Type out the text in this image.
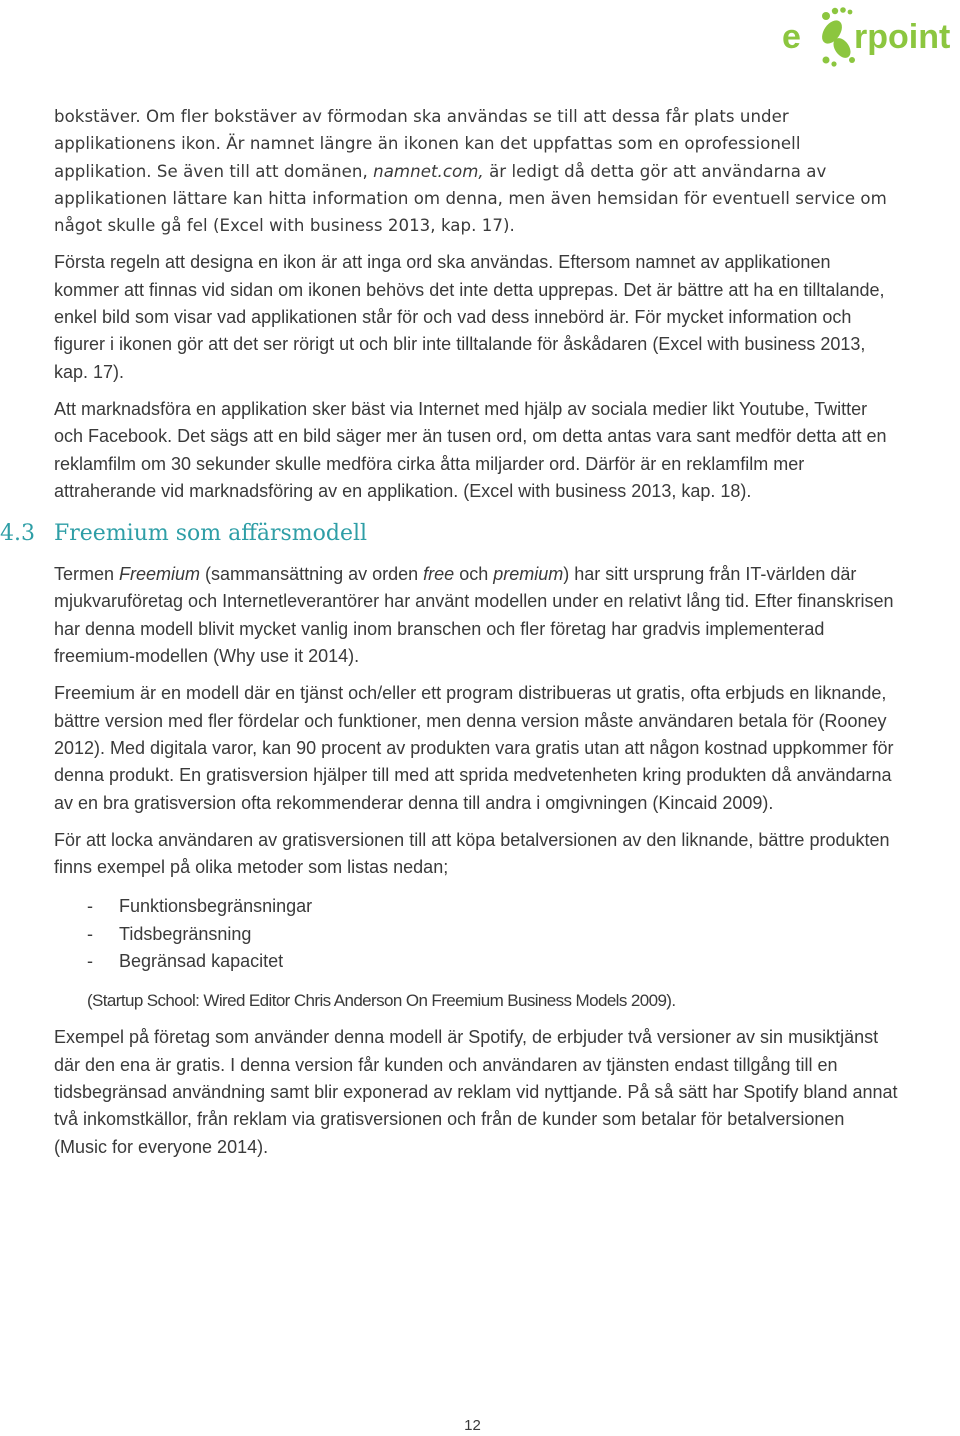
e rpoint

bokstäver. Om fler bokstäver av förmodan ska användas se till att dessa får plats under applikationens ikon. Är namnet längre än ikonen kan det uppfattas som en oprofessionell applikation. Se även till att domänen, namnet.com, är ledigt då detta gör att användarna av applikationen lättare kan hitta information om denna, men även hemsidan för eventuell service om något skulle gå fel (Excel with business 2013, kap. 17).

Första regeln att designa en ikon är att inga ord ska användas. Eftersom namnet av applikationen kommer att finnas vid sidan om ikonen behövs det inte detta upprepas. Det är bättre att ha en tilltalande, enkel bild som visar vad applikationen står för och vad dess innebörd är. För mycket information och figurer i ikonen gör att det ser rörigt ut och blir inte tilltalande för åskådaren (Excel with business 2013, kap. 17).

Att marknadsföra en applikation sker bäst via Internet med hjälp av sociala medier likt Youtube, Twitter och Facebook. Det sägs att en bild säger mer än tusen ord, om detta antas vara sant medför detta att en reklamfilm om 30 sekunder skulle medföra cirka åtta miljarder ord. Därför är en reklamfilm mer attraherande vid marknadsföring av en applikation. (Excel with business 2013, kap. 18).

4.3 Freemium som affärsmodell

Termen Freemium (sammansättning av orden free och premium) har sitt ursprung från IT-världen där mjukvaruföretag och Internetleverantörer har använt modellen under en relativt lång tid. Efter finanskrisen har denna modell blivit mycket vanlig inom branschen och fler företag har gradvis implementerad freemium-modellen (Why use it 2014).

Freemium är en modell där en tjänst och/eller ett program distribueras ut gratis, ofta erbjuds en liknande, bättre version med fler fördelar och funktioner, men denna version måste användaren betala för (Rooney 2012). Med digitala varor, kan 90 procent av produkten vara gratis utan att någon kostnad uppkommer för denna produkt. En gratisversion hjälper till med att sprida medvetenheten kring produkten då användarna av en bra gratisversion ofta rekommenderar denna till andra i omgivningen (Kincaid 2009).

För att locka användaren av gratisversionen till att köpa betalversionen av den liknande, bättre produkten finns exempel på olika metoder som listas nedan;

- Funktionsbegränsningar
- Tidsbegränsning
- Begränsad kapacitet

(Startup School: Wired Editor Chris Anderson On Freemium Business Models 2009).

Exempel på företag som använder denna modell är Spotify, de erbjuder två versioner av sin musiktjänst där den ena är gratis. I denna version får kunden och användaren av tjänsten endast tillgång till en tidsbegränsad användning samt blir exponerad av reklam vid nyttjande. På så sätt har Spotify bland annat två inkomstkällor, från reklam via gratisversionen och från de kunder som betalar för betalversionen (Music for everyone 2014).

12
